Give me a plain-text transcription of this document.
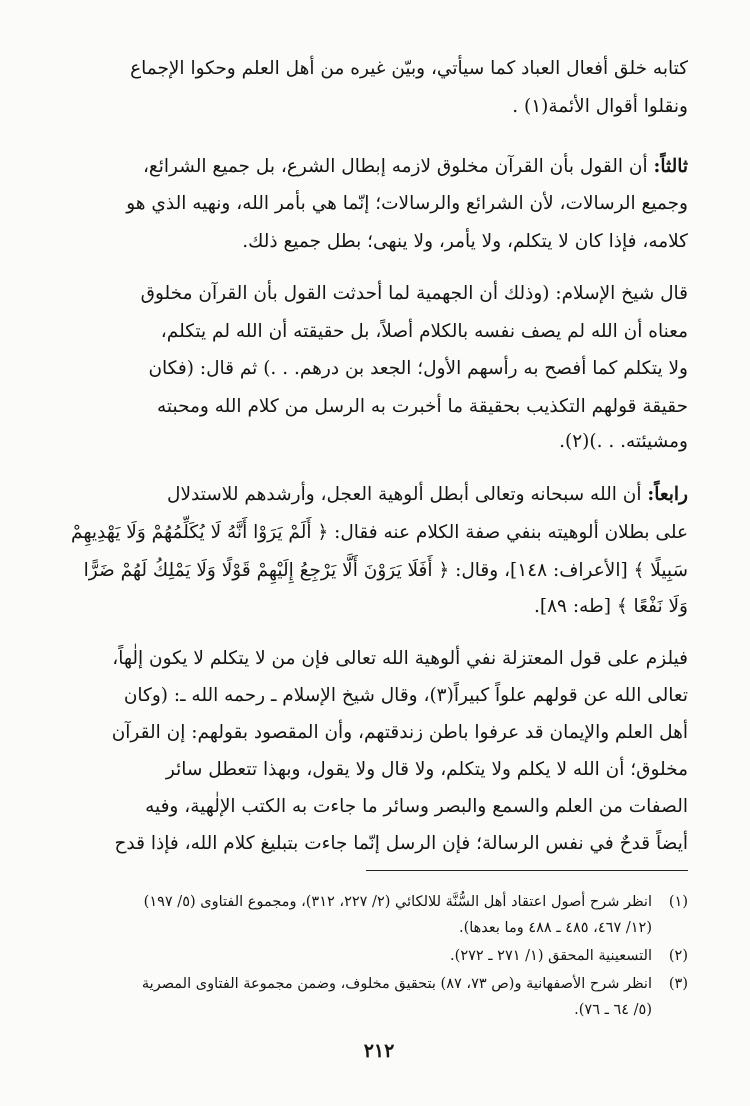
كتابه خلق أفعال العباد كما سيأتي، وبيّن غيره من أهل العلم وحكوا الإجماع
ونقلوا أقوال الأئمة(١) .
ثالثاً: أن القول بأن القرآن مخلوق لازمه إبطال الشرع، بل جميع الشرائع،
وجميع الرسالات، لأن الشرائع والرسالات؛ إنّما هي بأمر الله، ونهيه الذي هو
كلامه، فإذا كان لا يتكلم، ولا يأمر، ولا ينهى؛ بطل جميع ذلك.
قال شيخ الإسلام: (وذلك أن الجهمية لما أحدثت القول بأن القرآن مخلوق
معناه أن الله لم يصف نفسه بالكلام أصلاً، بل حقيقته أن الله لم يتكلم،
ولا يتكلم كما أفصح به رأسهم الأول؛ الجعد بن درهم. . .) ثم قال: (فكان
حقيقة قولهم التكذيب بحقيقة ما أخبرت به الرسل من كلام الله ومحبته
ومشيئته. . .)(٢).
رابعاً: أن الله سبحانه وتعالى أبطل ألوهية العجل، وأرشدهم للاستدلال
على بطلان ألوهيته بنفي صفة الكلام عنه فقال: ﴿ أَلَمْ يَرَوْا أَنَّهُ لَا يُكَلِّمُهُمْ وَلَا يَهْدِيهِمْ
سَبِيلًا ﴾ [الأعراف: ١٤٨]، وقال: ﴿ أَفَلَا يَرَوْنَ أَلَّا يَرْجِعُ إِلَيْهِمْ قَوْلًا وَلَا يَمْلِكُ لَهُمْ ضَرًّا
وَلَا نَفْعًا ﴾ [طه: ٨٩].
فيلزم على قول المعتزلة نفي ألوهية الله تعالى فإن من لا يتكلم لا يكون إلٰهاً،
تعالى الله عن قولهم علواً كبيراً(٣)، وقال شيخ الإسلام ـ رحمه الله ـ: (وكان
أهل العلم والإيمان قد عرفوا باطن زندقتهم، وأن المقصود بقولهم: إن القرآن
مخلوق؛ أن الله لا يكلم ولا يتكلم، ولا قال ولا يقول، وبهذا تتعطل سائر
الصفات من العلم والسمع والبصر وسائر ما جاءت به الكتب الإلٰهية، وفيه
(١)انظر شرح أصول اعتقاد أهل السُّنَّة للالكائي (٢/ ٢٢٧، ٣١٢)، ومجموع الفتاوى (٥/ ١٩٧)
(١٢/ ٤٦٧، ٤٨٥ ـ ٤٨٨ وما بعدها).
(٢)التسعينية المحقق (١/ ٢٧١ ـ ٢٧٢).
(٣)انظر شرح الأصفهانية و(ص ٧٣، ٨٧) بتحقيق مخلوف، وضمن مجموعة الفتاوى المصرية
(٥/ ٦٤ ـ ٧٦).
٢١٢
أيضاً قدحٌ في نفس الرسالة؛ فإن الرسل إنّما جاءت بتبليغ كلام الله، فإذا قدح
